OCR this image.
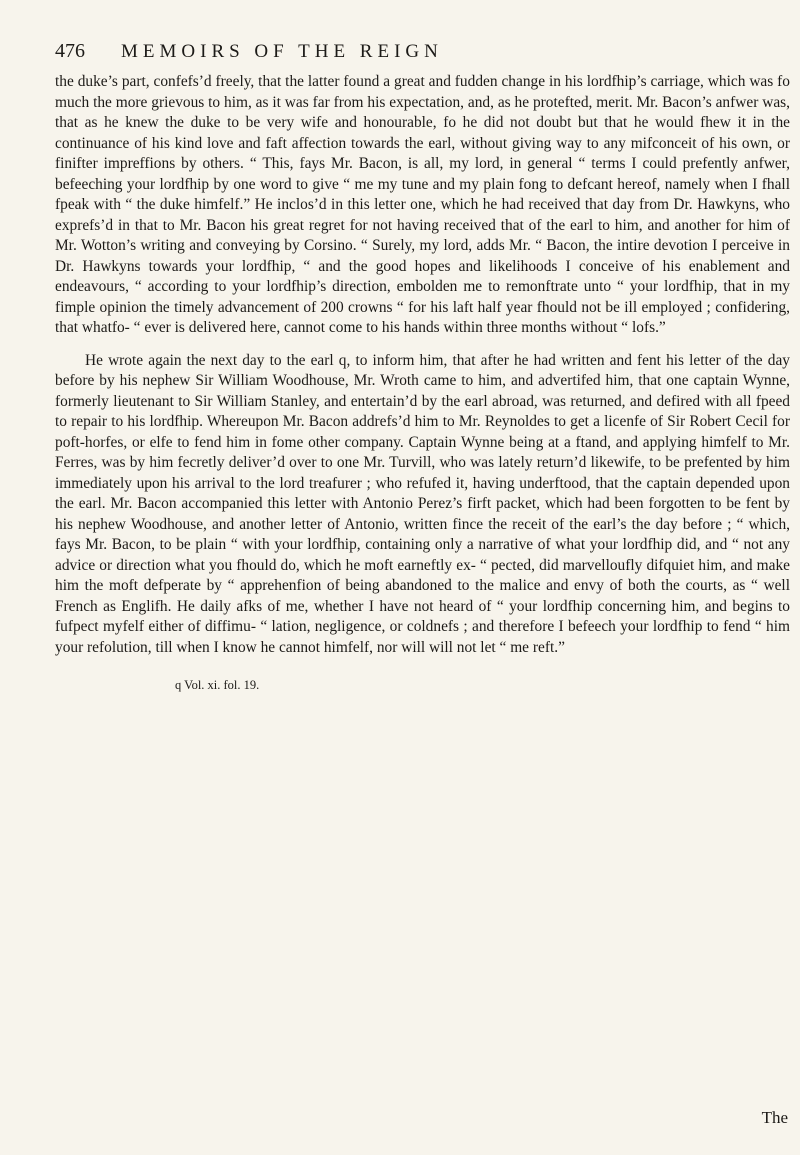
476	MEMOIRS OF THE REIGN

the duke’s part, confefs’d freely, that the latter found a great and fudden change in his lordfhip’s carriage, which was fo much the more grievous to him, as it was far from his expectation, and, as he protefted, merit. Mr. Bacon’s anfwer was, that as he knew the duke to be very wife and honourable, fo he did not doubt but that he would fhew it in the continuance of his kind love and faft affection towards the earl, without giving way to any mifconceit of his own, or finifter impreffions by others. “ This, fays Mr. Bacon, is all, my lord, in general “ terms I could prefently anfwer, befeeching your lordfhip by one word to give “ me my tune and my plain fong to defcant hereof, namely when I fhall fpeak with “ the duke himfelf.” He inclos’d in this letter one, which he had received that day from Dr. Hawkyns, who exprefs’d in that to Mr. Bacon his great regret for not having received that of the earl to him, and another for him of Mr. Wotton’s writing and conveying by Corsino. “ Surely, my lord, adds Mr. “ Bacon, the intire devotion I perceive in Dr. Hawkyns towards your lordfhip, “ and the good hopes and likelihoods I conceive of his enablement and endeavours, “ according to your lordfhip’s direction, embolden me to remonftrate unto “ your lordfhip, that in my fimple opinion the timely advancement of 200 crowns “ for his laft half year fhould not be ill employed ; confidering, that whatfo- “ ever is delivered here, cannot come to his hands within three months without “ lofs.”

He wrote again the next day to the earl q, to inform him, that after he had written and fent his letter of the day before by his nephew Sir William Woodhouse, Mr. Wroth came to him, and advertifed him, that one captain Wynne, formerly lieutenant to Sir William Stanley, and entertain’d by the earl abroad, was returned, and defired with all fpeed to repair to his lordfhip. Whereupon Mr. Bacon addrefs’d him to Mr. Reynoldes to get a licenfe of Sir Robert Cecil for poft-horfes, or elfe to fend him in fome other company. Captain Wynne being at a ftand, and applying himfelf to Mr. Ferres, was by him fecretly deliver’d over to one Mr. Turvill, who was lately return’d likewife, to be prefented by him immediately upon his arrival to the lord treafurer ; who refufed it, having underftood, that the captain depended upon the earl. Mr. Bacon accompanied this letter with Antonio Perez’s firft packet, which had been forgotten to be fent by his nephew Woodhouse, and another letter of Antonio, written fince the receit of the earl’s the day before ; “ which, fays Mr. Bacon, to be plain “ with your lordfhip, containing only a narrative of what your lordfhip did, and “ not any advice or direction what you fhould do, which he moft earneftly ex- “ pected, did marvelloufly difquiet him, and make him the moft defperate by “ apprehenfion of being abandoned to the malice and envy of both the courts, as “ well French as Englifh. He daily afks of me, whether I have not heard of “ your lordfhip concerning him, and begins to fufpect myfelf either of diffimu- “ lation, negligence, or coldnefs ; and therefore I befeech your lordfhip to fend “ him your refolution, till when I know he cannot himfelf, nor will will not let “ me reft.”

q Vol. xi. fol. 19.
The
